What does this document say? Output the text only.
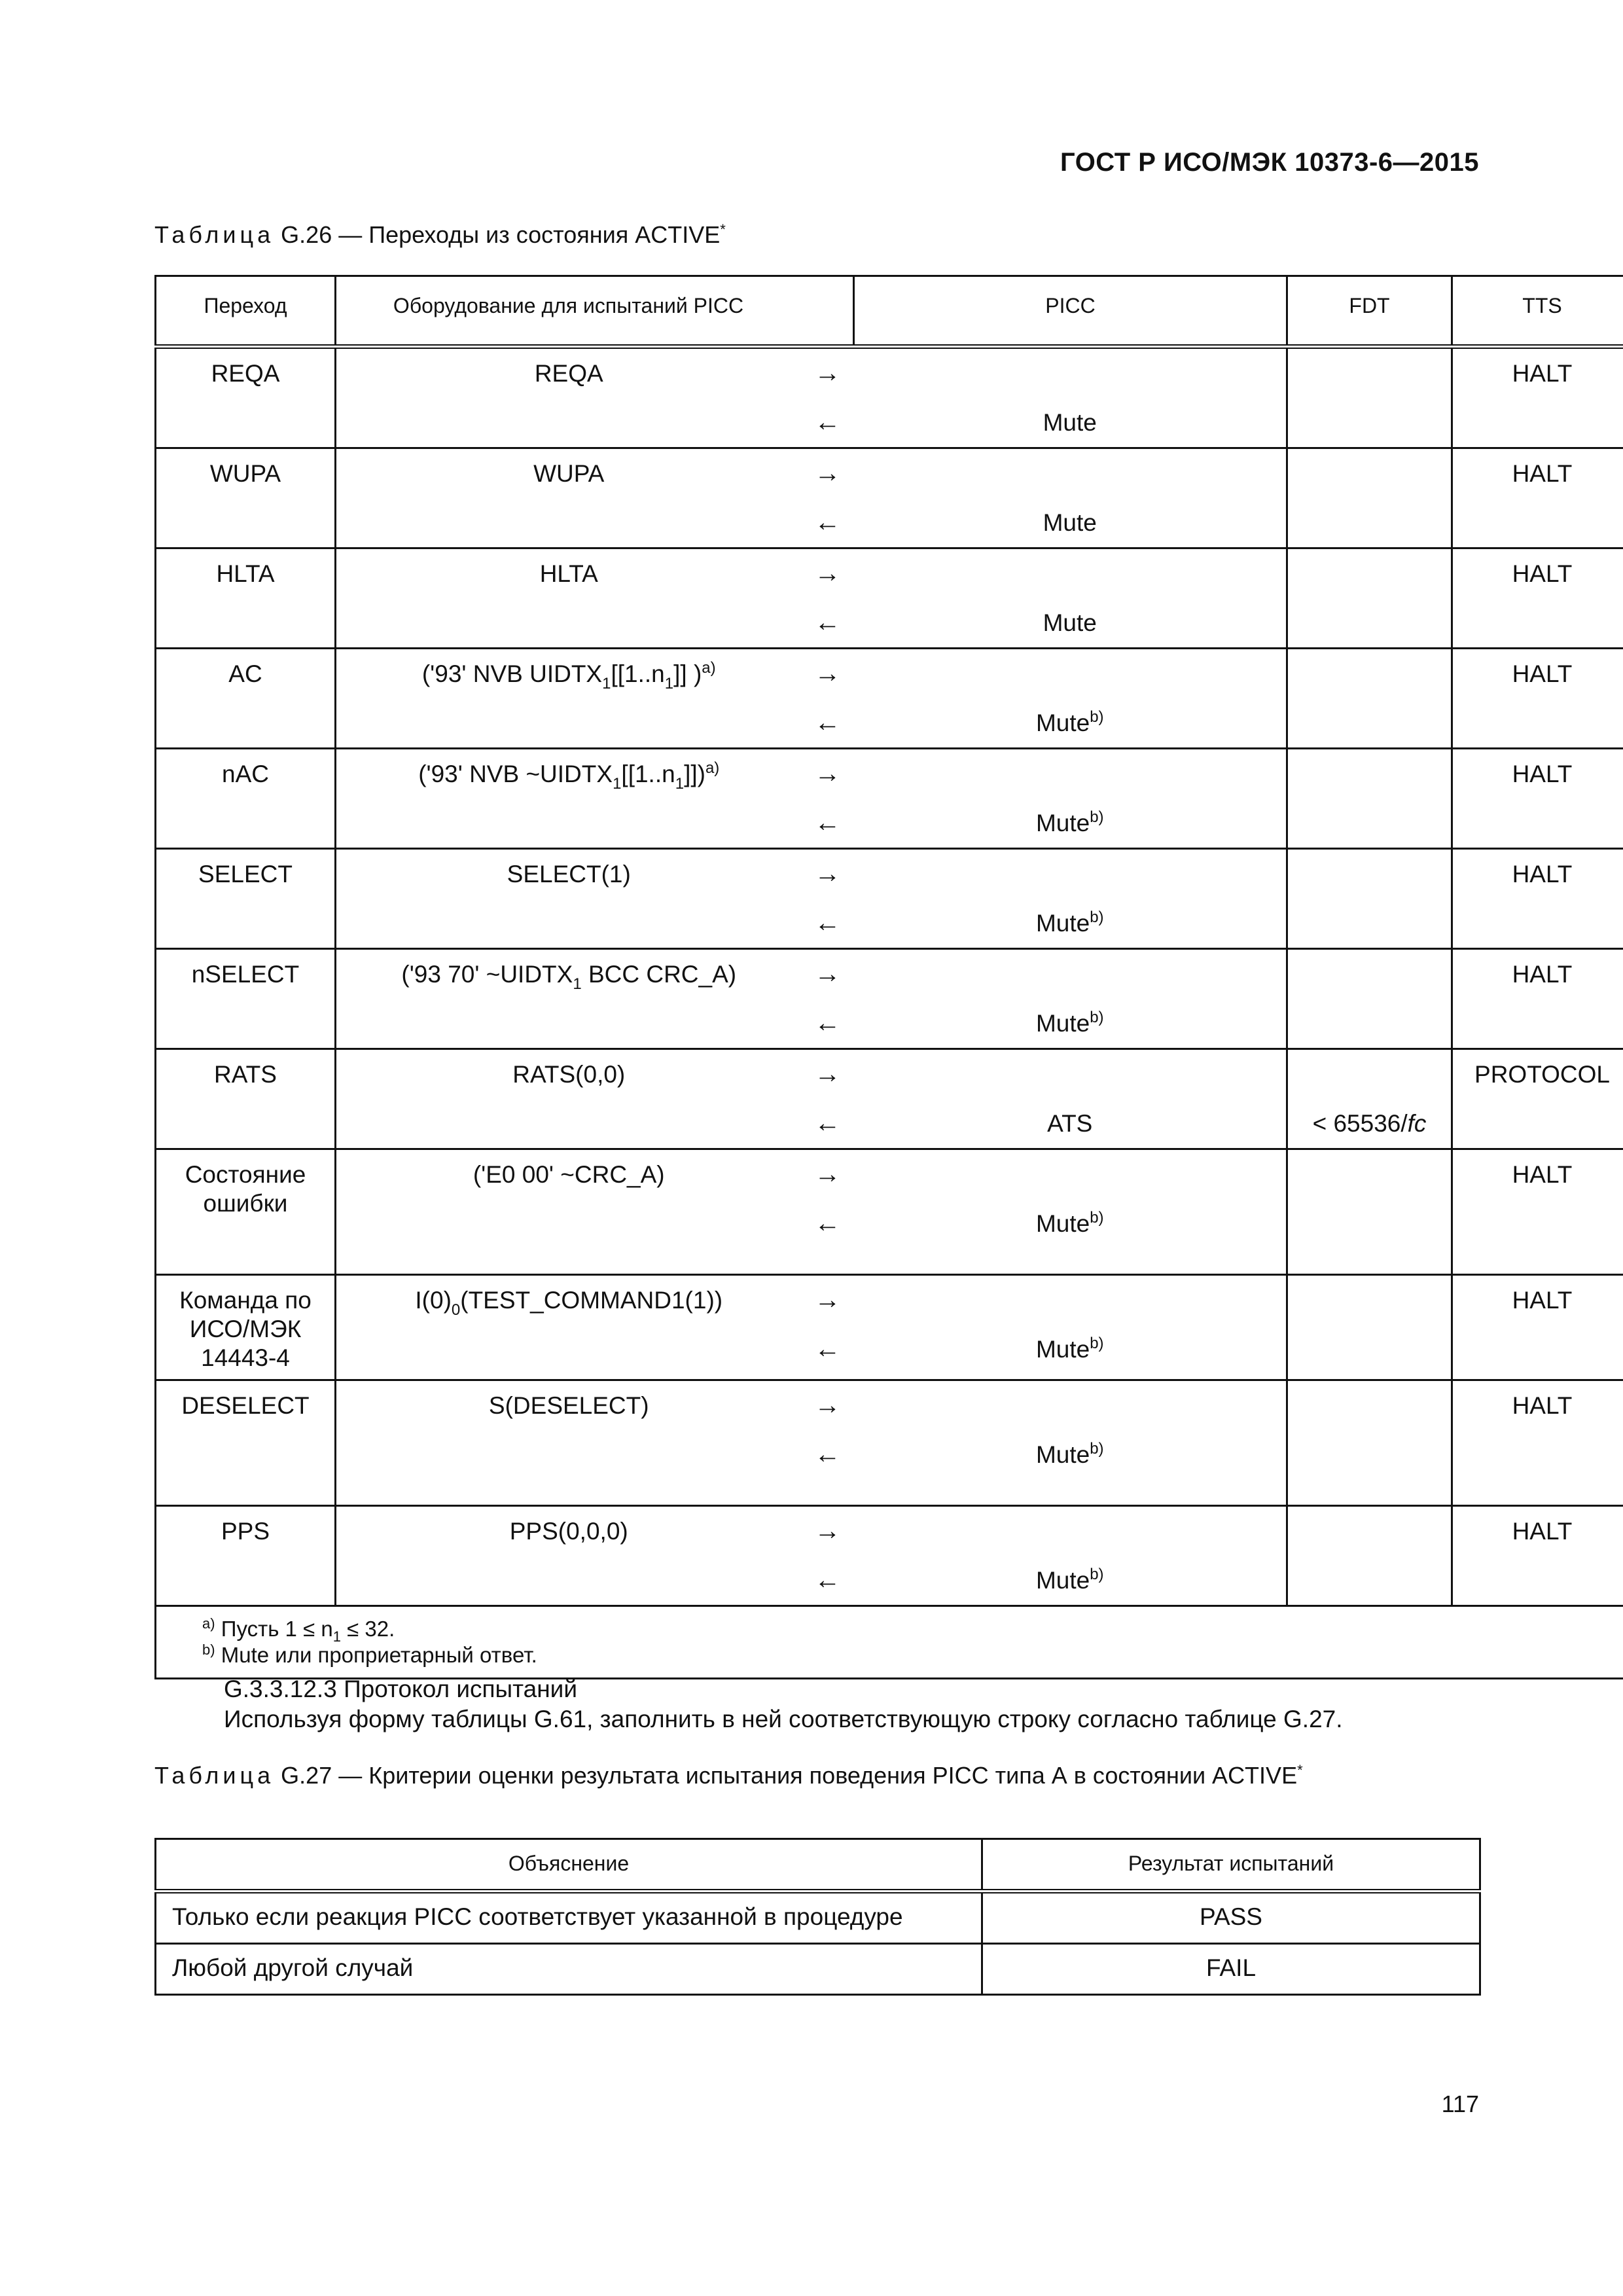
ГОСТ Р ИСО/МЭК 10373-6—2015
Таблица G.26 — Переходы из состояния ACTIVE*
Переход	Оборудование для испытаний PICC		PICC	FDT	TTS
REQA	REQA	→			HALT
		←	Mute		
WUPA	WUPA	→			HALT
		←	Mute		
HLTA	HLTA	→			HALT
		←	Mute		
AC	('93' NVB $UIDTX_1[[1..n_1]]$ )$^{a)}$	→			HALT
		←	Mute$^{b)}$	
nAC	('93' NVB $\sim UIDTX_1[[1..n_1]])^{a)}$	→			HALT
		←	Mute$^{b)}$	
SELECT	SELECT(1)	→			HALT
		←	Mute$^{b)}$	
nSELECT	('93 70' $\sim UIDTX_1$ BCC CRC_A)	→			HALT
		←	Mute$^{b)}$	
RATS	RATS(0,0)	→			PROTOCOL
		←	ATS	< 65536/fc	
Состояние ошибки	('E0 00' ~CRC_A)	→			HALT
		←	Mute$^{b)}$	
Команда по ИСО/МЭК 14443-4	$I(0)_0(TEST\_COMMAND1(1))$	→			HALT
		←	Mute$^{b)}$	
DESELECT	S(DESELECT)	→			HALT
		←	Mute$^{b)}$	
PPS	PPS(0,0,0)	→			HALT
		←	Mute$^{b)}$	

$^{a)}$ Пусть $1 \le n_1 \le 32$.
$^{b)}$ Mute или проприетарный ответ.					
G.3.3.12.3 Протокол испытаний
Используя форму таблицы G.61, заполнить в ней соответствующую строку согласно таблице G.27.
Таблица G.27 — Критерии оценки результата испытания поведения PICC типа А в состоянии ACTIVE*
Объяснение	Результат испытаний
Только если реакция PICC соответствует указанной в процедуре	PASS
Любой другой случай	FAIL
117
